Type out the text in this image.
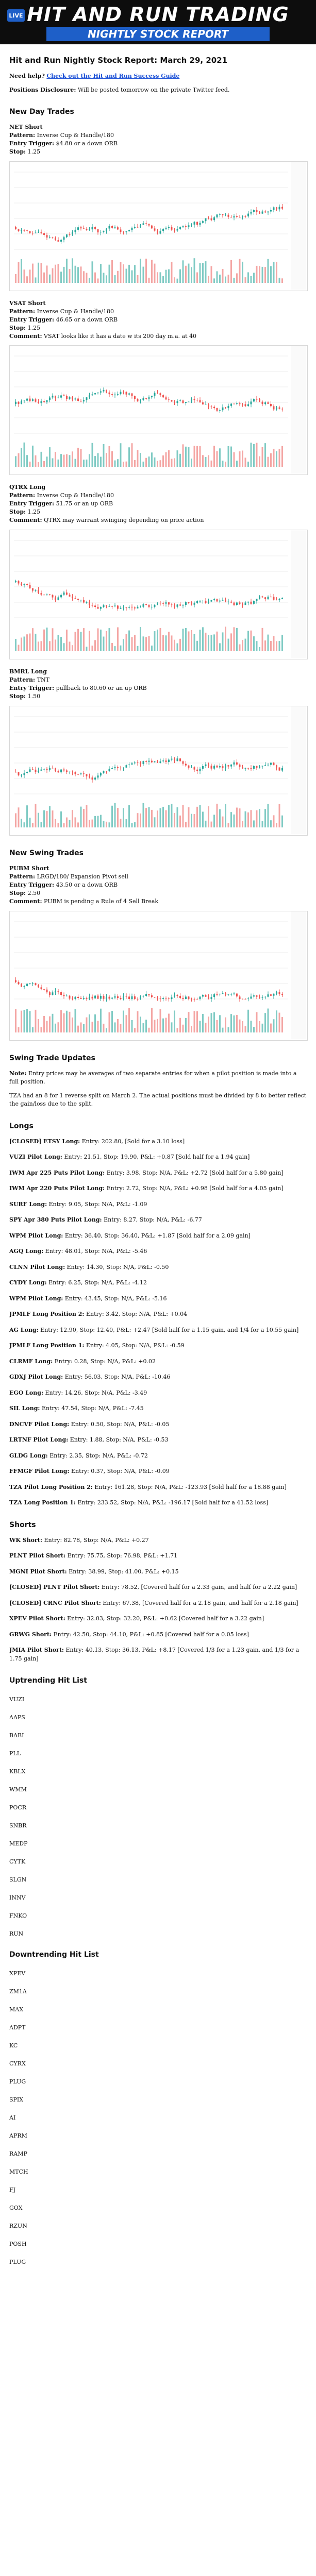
LIVE HIT AND RUN TRADING
NIGHTLY STOCK REPORT
Hit and Run Nightly Stock Report: March 29, 2021

Need help? Check out the Hit and Run Success Guide

Positions Disclosure: Will be posted tomorrow on the private Twitter feed.

New Day Trades
NET Short
Pattern: Inverse Cup & Handle/180
Entry Trigger: $4.80 or a down ORB
Stop: 1.25
VSAT Short
Pattern: Inverse Cup & Handle/180
Entry Trigger: 46.65 or a down ORB
Stop: 1.25
Comment: VSAT looks like it has a date w its 200 day m.a. at 40
QTRX Long
Pattern: Inverse Cup & Handle/180
Entry Trigger: 51.75 or an up ORB
Stop: 1.25
Comment: QTRX may warrant swinging depending on price action
BMRL Long
Pattern: TNT
Entry Trigger: pullback to 80.60 or an up ORB
Stop: 1.50
New Swing Trades
PUBM Short
Pattern: LRGD/180/ Expansion Pivot sell
Entry Trigger: 43.50 or a down ORB
Stop: 2.50
Comment: PUBM is pending a Rule of 4 Sell Break
Swing Trade Updates

Note: Entry prices may be averages of two separate entries for when a pilot position is made into a full position.

TZA had an 8 for 1 reverse split on March 2. The actual positions must be divided by 8 to better reflect the gain/loss due to the split.

Longs
[CLOSED] ETSY Long: Entry: 202.80, [Sold for a 3.10 loss]
VUZI Pilot Long: Entry: 21.51, Stop: 19.90, P&L: +0.87 [Sold half for a 1.94 gain]
IWM Apr 225 Puts Pilot Long: Entry: 3.98, Stop: N/A, P&L: +2.72 [Sold half for a 5.80 gain]
IWM Apr 220 Puts Pilot Long: Entry: 2.72, Stop: N/A, P&L: +0.98 [Sold half for a 4.05 gain]
SURF Long: Entry: 9.05, Stop: N/A, P&L: -1.09
SPY Apr 380 Puts Pilot Long: Entry: 8.27, Stop: N/A, P&L: -6.77
WPM Pilot Long: Entry: 36.40, Stop: 36.40, P&L: +1.87 [Sold half for a 2.09 gain]
AGQ Long: Entry: 48.01, Stop: N/A, P&L: -5.46
CLNN Pilot Long: Entry: 14.30, Stop: N/A, P&L: -0.50
CYDY Long: Entry: 6.25, Stop: N/A, P&L: -4.12
WPM Pilot Long: Entry: 43.45, Stop: N/A, P&L: -5.16
JPMLF Long Position 2: Entry: 3.42, Stop: N/A, P&L: +0.04
AG Long: Entry: 12.90, Stop: 12.40, P&L: +2.47 [Sold half for a 1.15 gain, and 1/4 for a 10.55 gain]
JPMLF Long Position 1: Entry: 4.05, Stop: N/A, P&L: -0.59
CLRMF Long: Entry: 0.28, Stop: N/A, P&L: +0.02
GDXJ Pilot Long: Entry: 56.03, Stop: N/A, P&L: -10.46
EGO Long: Entry: 14.26, Stop: N/A, P&L: -3.49
SIL Long: Entry: 47.54, Stop: N/A, P&L: -7.45
DNCVF Pilot Long: Entry: 0.50, Stop: N/A, P&L: -0.05
LRTNF Pilot Long: Entry: 1.88, Stop: N/A, P&L: -0.53
GLDG Long: Entry: 2.35, Stop: N/A, P&L: -0.72
FFMGF Pilot Long: Entry: 0.37, Stop: N/A, P&L: -0.09
TZA Pilot Long Position 2: Entry: 161.28, Stop: N/A, P&L: -123.93 [Sold half for a 18.88 gain]
TZA Long Position 1: Entry: 233.52, Stop: N/A, P&L: -196.17 [Sold half for a 41.52 loss]
Shorts
WK Short: Entry: 82.78, Stop: N/A, P&L: +0.27
PLNT Pilot Short: Entry: 75.75, Stop: 76.98, P&L: +1.71
MGNI Pilot Short: Entry: 38.99, Stop: 41.00, P&L: +0.15
[CLOSED] PLNT Pilot Short: Entry: 78.52, [Covered half for a 2.33 gain, and half for a 2.22 gain]
[CLOSED] CRNC Pilot Short: Entry: 67.38, [Covered half for a 2.18 gain, and half for a 2.18 gain]
XPEV Pilot Short: Entry: 32.03, Stop: 32.20, P&L: +0.62 [Covered half for a 3.22 gain]
GRWG Short: Entry: 42.50, Stop: 44.10, P&L: +0.85 [Covered half for a 0.05 loss]
JMIA Pilot Short: Entry: 40.13, Stop: 36.13, P&L: +8.17 [Covered 1/3 for a 1.23 gain, and 1/3 for a 1.75 gain]
Uptrending Hit List
VUZI
AAPS
BABI
PLL
KBLX
WMM
POCR
SNBR
MEDP
CYTK
SLGN
INNV
FNKO
RUN
Downtrending Hit List
XPEV
ZM1A
MAX
ADPT
KC
CYRX
PLUG
SPIX
AI
APRM
RAMP
MTCH
FJ
GOX
RZUN
POSH
PLUG
